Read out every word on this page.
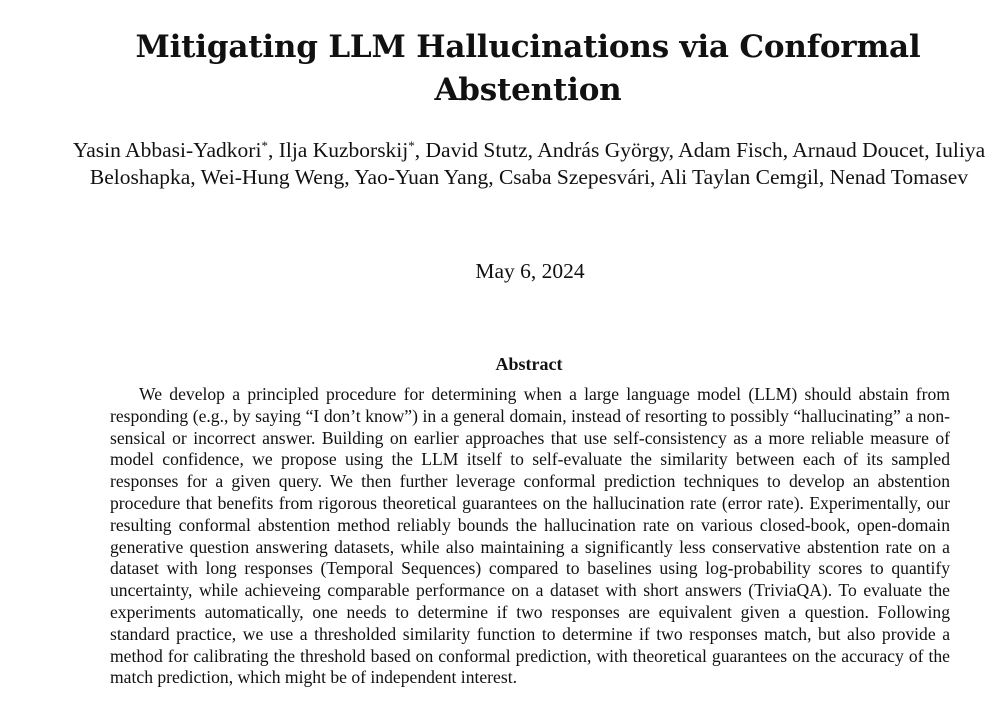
Mitigating LLM Hallucinations via Conformal Abstention
Yasin Abbasi-Yadkori*, Ilja Kuzborskij*, David Stutz, András György, Adam Fisch, Arnaud Doucet, Iuliya Beloshapka, Wei-Hung Weng, Yao-Yuan Yang, Csaba Szepesvári, Ali Taylan Cemgil, Nenad Tomasev
May 6, 2024
Abstract

We develop a principled procedure for determining when a large language model (LLM) should abstain from responding (e.g., by saying “I don’t know”) in a general domain, instead of resorting to possibly “hallucinating” a non-sensical or incorrect answer. Building on earlier approaches that use self-consistency as a more reliable measure of model confidence, we propose using the LLM itself to self-evaluate the similarity between each of its sampled responses for a given query. We then further leverage conformal prediction techniques to develop an abstention procedure that benefits from rigorous theoretical guarantees on the hallucination rate (error rate). Experimentally, our resulting conformal abstention method reliably bounds the hallucination rate on various closed-book, open-domain generative question answering datasets, while also maintaining a significantly less conservative abstention rate on a dataset with long responses (Temporal Sequences) compared to baselines using log-probability scores to quantify uncertainty, while achieveing comparable performance on a dataset with short answers (TriviaQA). To evaluate the experiments automatically, one needs to determine if two responses are equivalent given a question. Following standard practice, we use a thresholded similarity function to determine if two responses match, but also provide a method for calibrating the threshold based on conformal prediction, with theoretical guarantees on the accuracy of the match prediction, which might be of independent interest.
